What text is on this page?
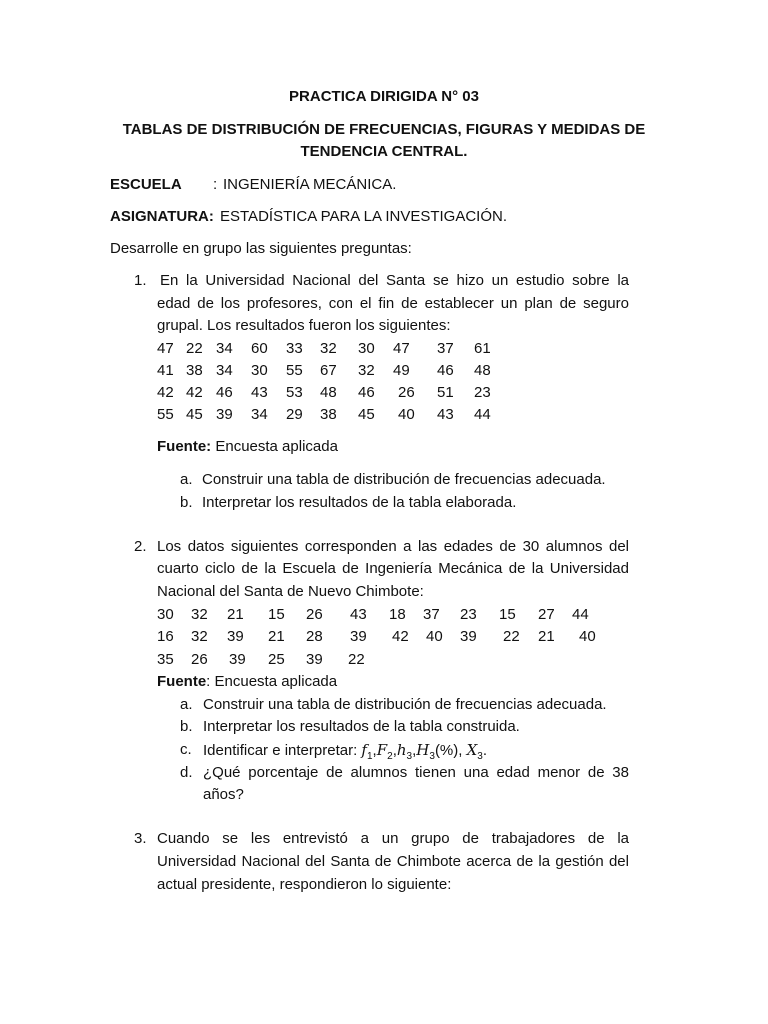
PRACTICA DIRIGIDA N° 03
TABLAS DE DISTRIBUCIÓN DE FRECUENCIAS, FIGURAS Y MEDIDAS DE
TENDENCIA CENTRAL.
ESCUELA : INGENIERÍA MECÁNICA.
ASIGNATURA: ESTADÍSTICA PARA LA INVESTIGACIÓN.
Desarrolle en grupo las siguientes preguntas:
1. En la Universidad Nacional del Santa se hizo un estudio sobre la
edad de los profesores, con el fin de establecer un plan de seguro
grupal. Los resultados fueron los siguientes:
47 22 34 60 33 32 30 47 37 61
41 38 34 30 55 67 32 49 46 48
42 42 46 43 53 48 46 26 51 23
55 45 39 34 29 38 45 40 43 44
Fuente: Encuesta aplicada
a. Construir una tabla de distribución de frecuencias adecuada.
b. Interpretar los resultados de la tabla elaborada.
2. Los datos siguientes corresponden a las edades de 30 alumnos del
cuarto ciclo de la Escuela de Ingeniería Mecánica de la Universidad
Nacional del Santa de Nuevo Chimbote:
30 32 21 15 26 43 18 37 23 15 27 44
16 32 39 21 28 39 42 40 39 22 21 40
35 26 39 25 39 22
Fuente: Encuesta aplicada
a. Construir una tabla de distribución de frecuencias adecuada.
b. Interpretar los resultados de la tabla construida.
c. Identificar e interpretar: $f_1,F_2,h_3,H_3(\%)$, $X_3$.
d. ¿Qué porcentaje de alumnos tienen una edad menor de 38
años?
3. Cuando se les entrevistó a un grupo de trabajadores de la
Universidad Nacional del Santa de Chimbote acerca de la gestión del
actual presidente, respondieron lo siguiente:
